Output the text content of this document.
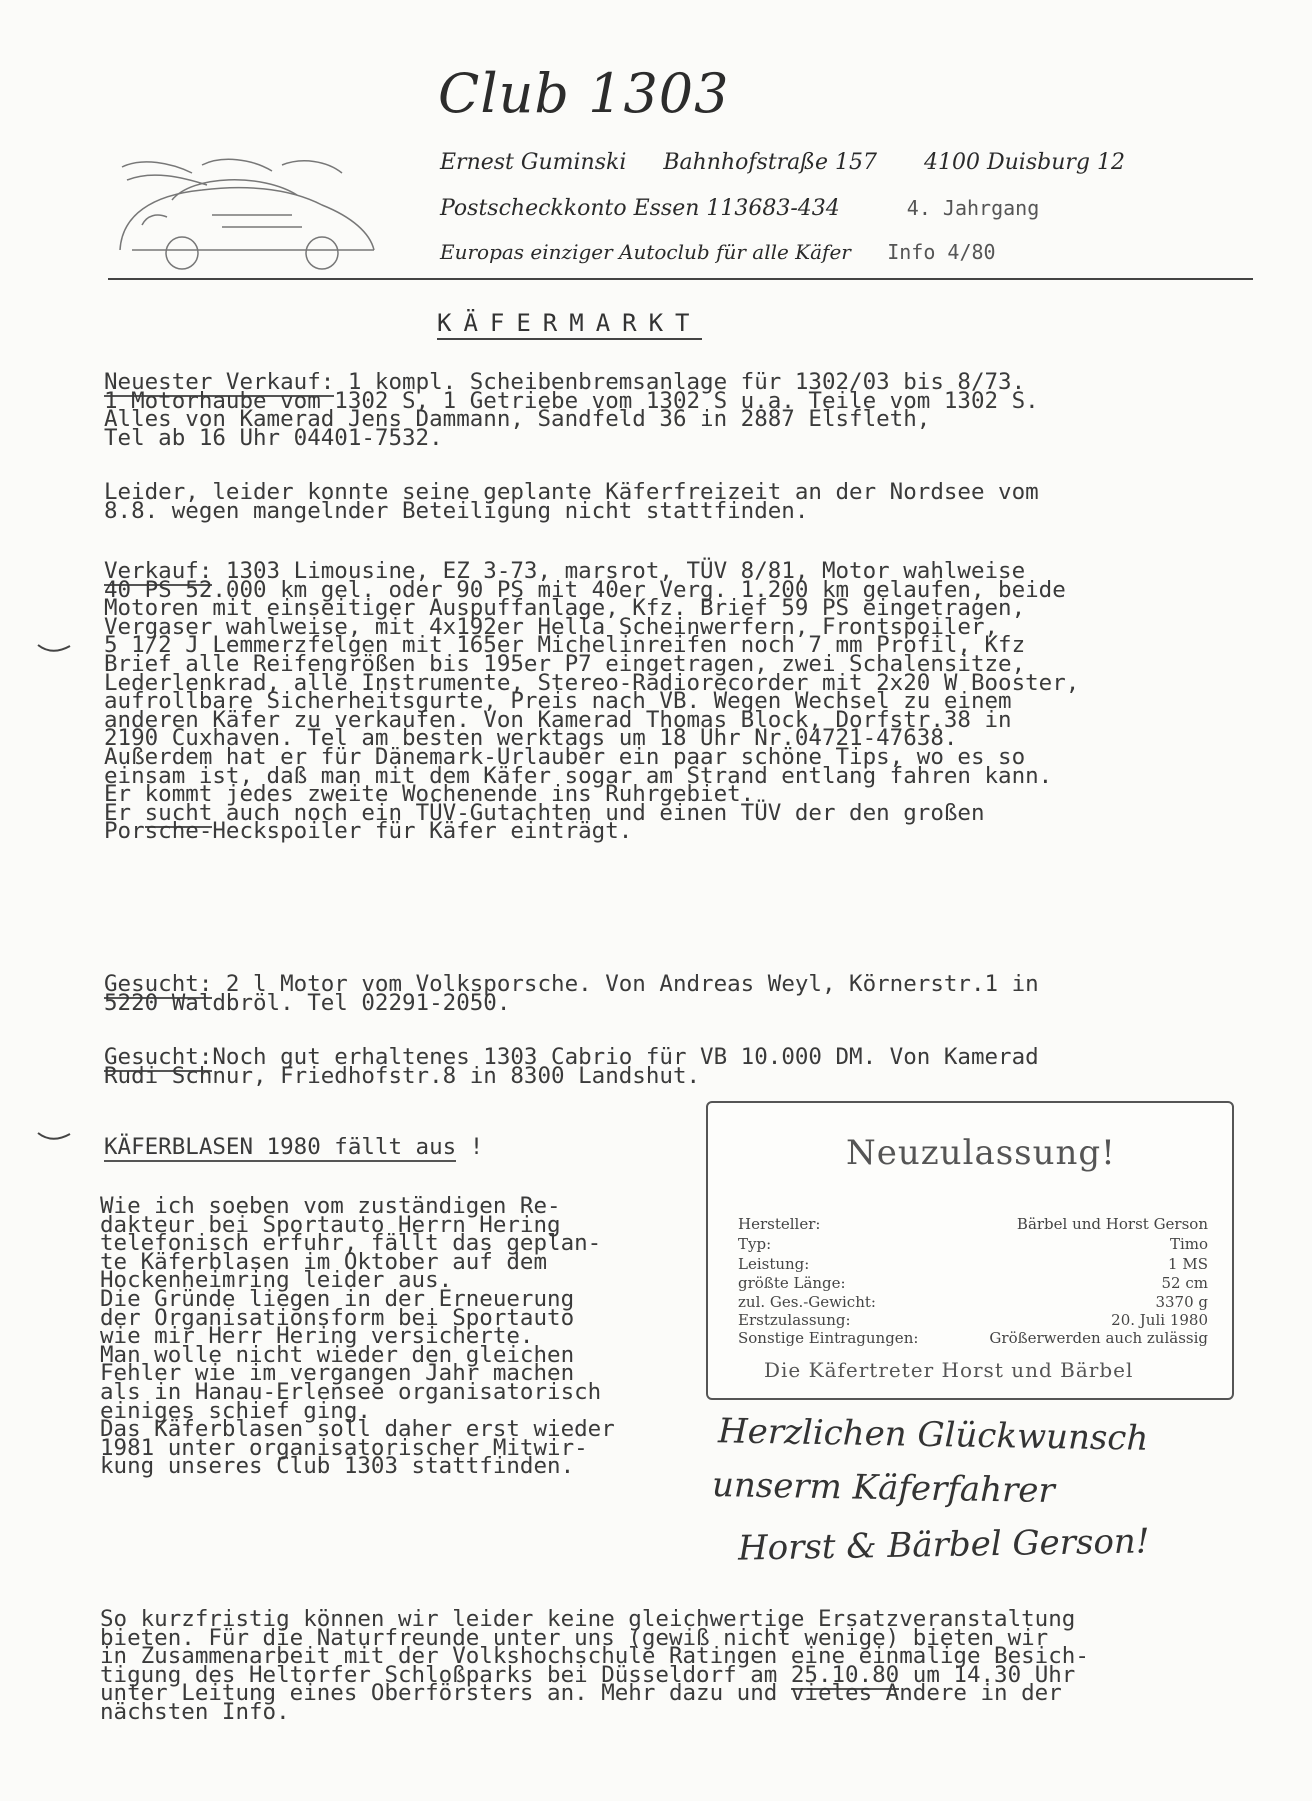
Club 1303
Ernest Guminski Bahnhofstraße 157 4100 Duisburg 12
Postscheckkonto Essen 113683-434	4. Jahrgang
Europas einziger Autoclub für alle Käfer Info 4/80
KÄFERMARKT
Neuester Verkauf: 1 kompl. Scheibenbremsanlage für 1302/03 bis 8/73.
1 Motorhaube vom 1302 S, 1 Getriebe vom 1302 S u.a. Teile vom 1302 S.
Alles von Kamerad Jens Dammann, Sandfeld 36 in 2887 Elsfleth,
Tel ab 16 Uhr 04401-7532.
Leider, leider konnte seine geplante Käferfreizeit an der Nordsee vom
8.8. wegen mangelnder Beteiligung nicht stattfinden.
Verkauf: 1303 Limousine, EZ 3-73, marsrot, TÜV 8/81, Motor wahlweise
40 PS 52.000 km gel. oder 90 PS mit 40er Verg. 1.200 km gelaufen, beide
Motoren mit einseitiger Auspuffanlage, Kfz. Brief 59 PS eingetragen,
Vergaser wahlweise, mit 4x192er Hella Scheinwerfern, Frontspoiler,
5 1/2 J Lemmerzfelgen mit 165er Michelinreifen noch 7 mm Profil, Kfz
Brief alle Reifengrößen bis 195er P7 eingetragen, zwei Schalensitze,
Lederlenkrad, alle Instrumente, Stereo-Radiorecorder mit 2x20 W Booster,
aufrollbare Sicherheitsgurte, Preis nach VB. Wegen Wechsel zu einem
anderen Käfer zu verkaufen. Von Kamerad Thomas Block, Dorfstr.38 in
2190 Cuxhaven. Tel am besten werktags um 18 Uhr Nr.04721-47638.
Außerdem hat er für Dänemark-Urlauber ein paar schöne Tips, wo es so
einsam ist, daß man mit dem Käfer sogar am Strand entlang fahren kann.
Er kommt jedes zweite Wochenende ins Ruhrgebiet.
Er sucht auch noch ein TÜV-Gutachten und einen TÜV der den großen
Porsche-Heckspoiler für Käfer einträgt.
Gesucht: 2 l Motor vom Volksporsche. Von Andreas Weyl, Körnerstr.1 in
5220 Waldbröl. Tel 02291-2050.
Gesucht:Noch gut erhaltenes 1303 Cabrio für VB 10.000 DM. Von Kamerad
Rudi Schnur, Friedhofstr.8 in 8300 Landshut.
KÄFERBLASEN 1980 fällt aus !
Wie ich soeben vom zuständigen Re-
dakteur bei Sportauto Herrn Hering
telefonisch erfuhr, fällt das geplan-
te Käferblasen im Oktober auf dem
Hockenheimring leider aus.
Die Gründe liegen in der Erneuerung
der Organisationsform bei Sportauto
wie mir Herr Hering versicherte.
Man wolle nicht wieder den gleichen
Fehler wie im vergangen Jahr machen
als in Hanau-Erlensee organisatorisch
einiges schief ging.
Das Käferblasen soll daher erst wieder
1981 unter organisatorischer Mitwir-
kung unseres Club 1303 stattfinden.
Neuzulassung!
Hersteller:	Bärbel und Horst Gerson
Typ:	Timo
Leistung:	1 MS
größte Länge:	52 cm
zul. Ges.-Gewicht:	3370 g
Erstzulassung:	20. Juli 1980
Sonstige Eintragungen:	Größerwerden auch zulässig
Die Käfertreter Horst und Bärbel
Herzlichen Glückwunsch
unserm Käferfahrer
Horst & Bärbel Gerson!
So kurzfristig können wir leider keine gleichwertige Ersatzveranstaltung
bieten. Für die Naturfreunde unter uns (gewiß nicht wenige) bieten wir
in Zusammenarbeit mit der Volkshochschule Ratingen eine einmalige Besich-
tigung des Heltorfer Schloßparks bei Düsseldorf am 25.10.80 um 14.30 Uhr
unter Leitung eines Oberförsters an. Mehr dazu und vieles Andere in der
nächsten Info.
